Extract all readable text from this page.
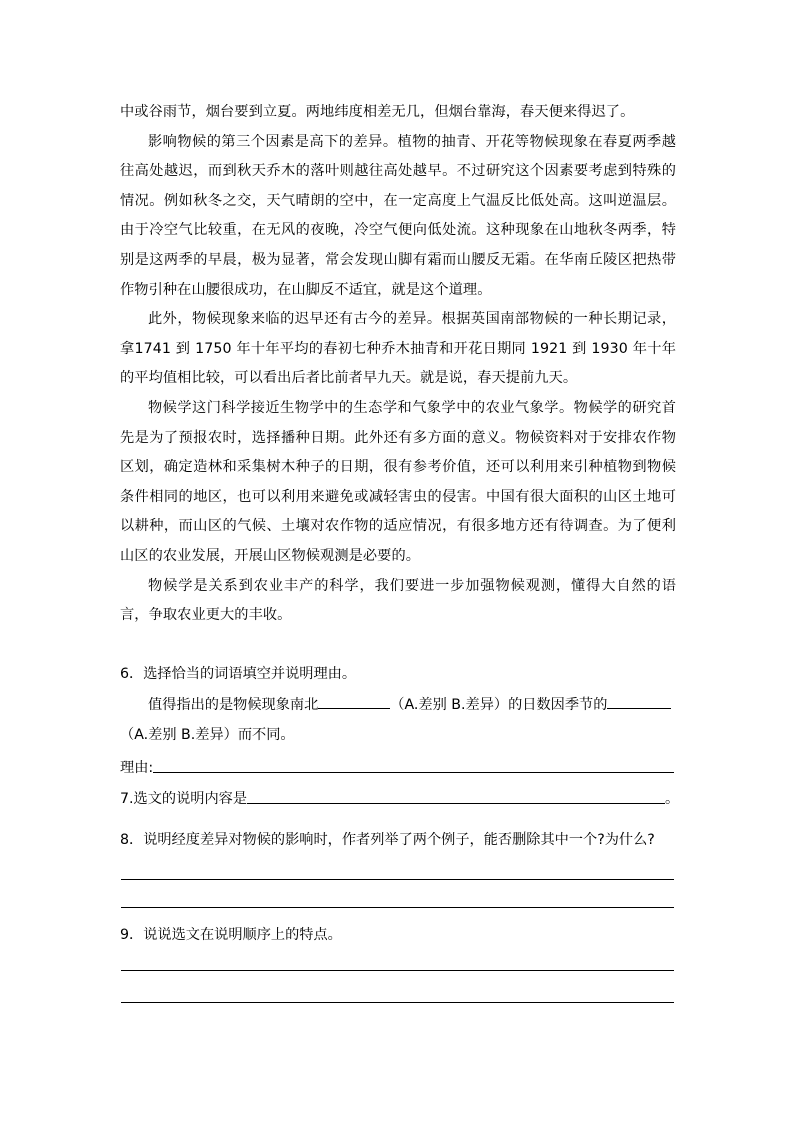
中或谷雨节，烟台要到立夏。两地纬度相差无几，但烟台靠海，春天便来得迟了。

影响物候的第三个因素是高下的差异。植物的抽青、开花等物候现象在春夏两季越往高处越迟，而到秋天乔木的落叶则越往高处越早。不过研究这个因素要考虑到特殊的情况。例如秋冬之交，天气晴朗的空中，在一定高度上气温反比低处高。这叫逆温层。由于冷空气比较重，在无风的夜晚，冷空气便向低处流。这种现象在山地秋冬两季，特别是这两季的早晨，极为显著，常会发现山脚有霜而山腰反无霜。在华南丘陵区把热带作物引种在山腰很成功，在山脚反不适宜，就是这个道理。

此外，物候现象来临的迟早还有古今的差异。根据英国南部物候的一种长期记录，拿1741 到 1750 年十年平均的春初七种乔木抽青和开花日期同 1921 到 1930 年十年的平均值相比较，可以看出后者比前者早九天。就是说，春天提前九天。

物候学这门科学接近生物学中的生态学和气象学中的农业气象学。物候学的研究首先是为了预报农时，选择播种日期。此外还有多方面的意义。物候资料对于安排农作物区划，确定造林和采集树木种子的日期，很有参考价值，还可以利用来引种植物到物候条件相同的地区，也可以利用来避免或减轻害虫的侵害。中国有很大面积的山区土地可以耕种，而山区的气候、土壤对农作物的适应情况，有很多地方还有待调查。为了便利山区的农业发展，开展山区物候观测是必要的。

物候学是关系到农业丰产的科学，我们要进一步加强物候观测，懂得大自然的语言，争取农业更大的丰收。

6．选择恰当的词语填空并说明理由。
值得指出的是物候现象南北	（A.差别 B.差异）的日数因季节的
（A.差别 B.差异）而不同。
理由:
7.选文的说明内容是	。
8．说明经度差异对物候的影响时，作者列举了两个例子，能否删除其中一个?为什么?
9．说说选文在说明顺序上的特点。
